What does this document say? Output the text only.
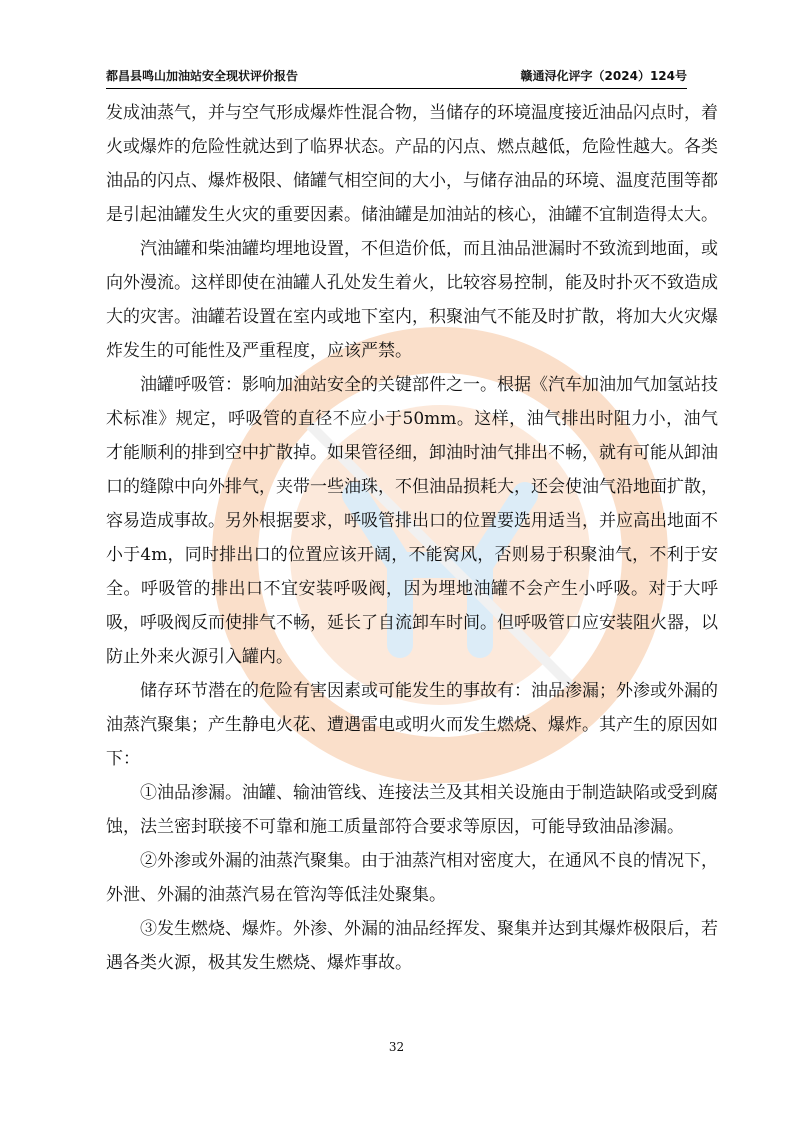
都昌县鸣山加油站安全现状评价报告	赣通浔化评字（2024）124号

发成油蒸气，并与空气形成爆炸性混合物，当储存的环境温度接近油品闪点时，着火或爆炸的危险性就达到了临界状态。产品的闪点、燃点越低，危险性越大。各类油品的闪点、爆炸极限、储罐气相空间的大小，与储存油品的环境、温度范围等都是引起油罐发生火灾的重要因素。储油罐是加油站的核心，油罐不宜制造得太大。

汽油罐和柴油罐均埋地设置，不但造价低，而且油品泄漏时不致流到地面，或向外漫流。这样即使在油罐人孔处发生着火，比较容易控制，能及时扑灭不致造成大的灾害。油罐若设置在室内或地下室内，积聚油气不能及时扩散，将加大火灾爆炸发生的可能性及严重程度，应该严禁。

油罐呼吸管：影响加油站安全的关键部件之一。根据《汽车加油加气加氢站技术标准》规定，呼吸管的直径不应小于50mm。这样，油气排出时阻力小，油气才能顺利的排到空中扩散掉。如果管径细，卸油时油气排出不畅，就有可能从卸油口的缝隙中向外排气，夹带一些油珠，不但油品损耗大，还会使油气沿地面扩散，容易造成事故。另外根据要求，呼吸管排出口的位置要选用适当，并应高出地面不小于4m，同时排出口的位置应该开阔，不能窝风，否则易于积聚油气，不利于安全。呼吸管的排出口不宜安装呼吸阀，因为埋地油罐不会产生小呼吸。对于大呼吸，呼吸阀反而使排气不畅，延长了自流卸车时间。但呼吸管口应安装阻火器，以防止外来火源引入罐内。

储存环节潜在的危险有害因素或可能发生的事故有：油品渗漏；外渗或外漏的油蒸汽聚集；产生静电火花、遭遇雷电或明火而发生燃烧、爆炸。其产生的原因如下：

①油品渗漏。油罐、输油管线、连接法兰及其相关设施由于制造缺陷或受到腐蚀，法兰密封联接不可靠和施工质量部符合要求等原因，可能导致油品渗漏。

②外渗或外漏的油蒸汽聚集。由于油蒸汽相对密度大，在通风不良的情况下，外泄、外漏的油蒸汽易在管沟等低洼处聚集。

③发生燃烧、爆炸。外渗、外漏的油品经挥发、聚集并达到其爆炸极限后，若遇各类火源，极其发生燃烧、爆炸事故。

32
